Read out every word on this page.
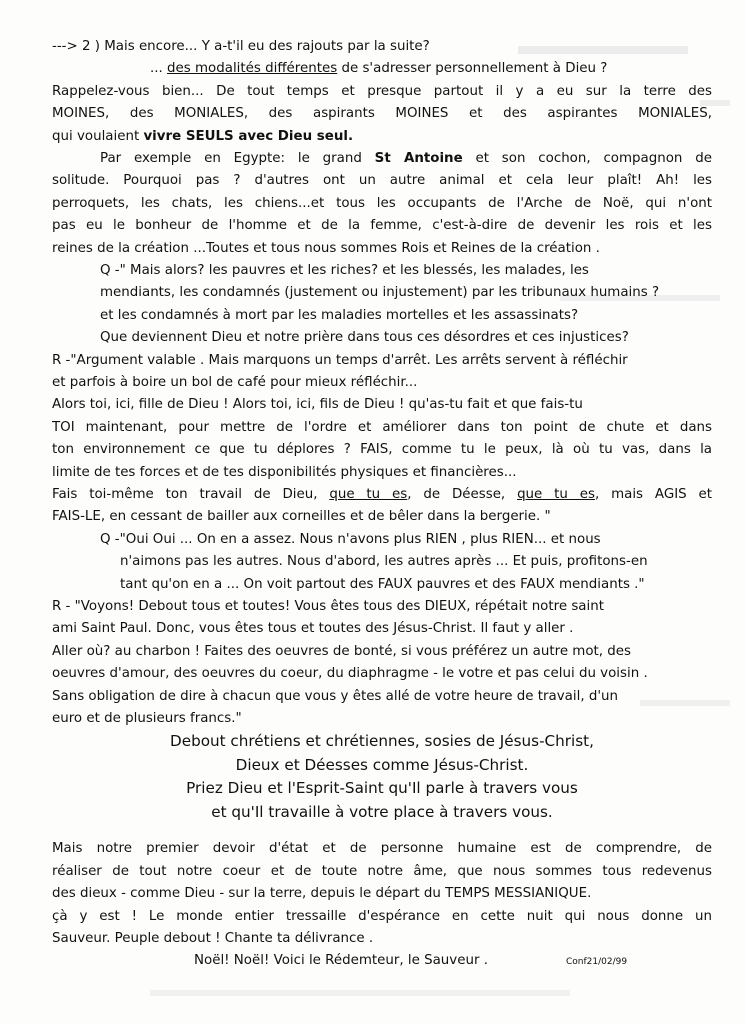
---> 2 ) Mais encore... Y a-t'il eu des rajouts par la suite?
... des modalités différentes de s'adresser personnellement à Dieu ?
Rappelez-vous bien... De tout temps et presque partout il y a eu sur la terre des
MOINES, des MONIALES, des aspirants MOINES et des aspirantes MONIALES,
qui voulaient vivre SEULS avec Dieu seul.
Par exemple en Egypte: le grand St Antoine et son cochon, compagnon de
solitude. Pourquoi pas ? d'autres ont un autre animal et cela leur plaît! Ah! les
perroquets, les chats, les chiens...et tous les occupants de l'Arche de Noë, qui n'ont
pas eu le bonheur de l'homme et de la femme, c'est-à-dire de devenir les rois et les
reines de la création ...Toutes et tous nous sommes Rois et Reines de la création .
Q -" Mais alors? les pauvres et les riches? et les blessés, les malades, les
mendiants, les condamnés (justement ou injustement) par les tribunaux humains ?
et les condamnés à mort par les maladies mortelles et les assassinats?
Que deviennent Dieu et notre prière dans tous ces désordres et ces injustices?
R -"Argument valable . Mais marquons un temps d'arrêt. Les arrêts servent à réfléchir
et parfois à boire un bol de café pour mieux réfléchir...
Alors toi, ici, fille de Dieu ! Alors toi, ici, fils de Dieu ! qu'as-tu fait et que fais-tu
TOI maintenant, pour mettre de l'ordre et améliorer dans ton point de chute et dans
ton environnement ce que tu déplores ? FAIS, comme tu le peux, là où tu vas, dans la
limite de tes forces et de tes disponibilités physiques et financières...
Fais toi-même ton travail de Dieu, que tu es, de Déesse, que tu es, mais AGIS et
FAIS-LE, en cessant de bailler aux corneilles et de bêler dans la bergerie. "
Q -"Oui Oui ... On en a assez. Nous n'avons plus RIEN , plus RIEN... et nous
n'aimons pas les autres. Nous d'abord, les autres après ... Et puis, profitons-en
tant qu'on en a ... On voit partout des FAUX pauvres et des FAUX mendiants ."
R - "Voyons! Debout tous et toutes! Vous êtes tous des DIEUX, répétait notre saint
ami Saint Paul. Donc, vous êtes tous et toutes des Jésus-Christ. Il faut y aller .
Aller où? au charbon ! Faites des oeuvres de bonté, si vous préférez un autre mot, des
oeuvres d'amour, des oeuvres du coeur, du diaphragme - le votre et pas celui du voisin .
Sans obligation de dire à chacun que vous y êtes allé de votre heure de travail, d'un
euro et de plusieurs francs."
Debout chrétiens et chrétiennes, sosies de Jésus-Christ,
Dieux et Déesses comme Jésus-Christ.
Priez Dieu et l'Esprit-Saint qu'Il parle à travers vous
et qu'Il travaille à votre place à travers vous.
Mais notre premier devoir d'état et de personne humaine est de comprendre, de
réaliser de tout notre coeur et de toute notre âme, que nous sommes tous redevenus
des dieux - comme Dieu - sur la terre, depuis le départ du TEMPS MESSIANIQUE.
çà y est ! Le monde entier tressaille d'espérance en cette nuit qui nous donne un
Sauveur. Peuple debout ! Chante ta délivrance .
Noël! Noël! Voici le Rédemteur, le Sauveur .	Conf21/02/99
